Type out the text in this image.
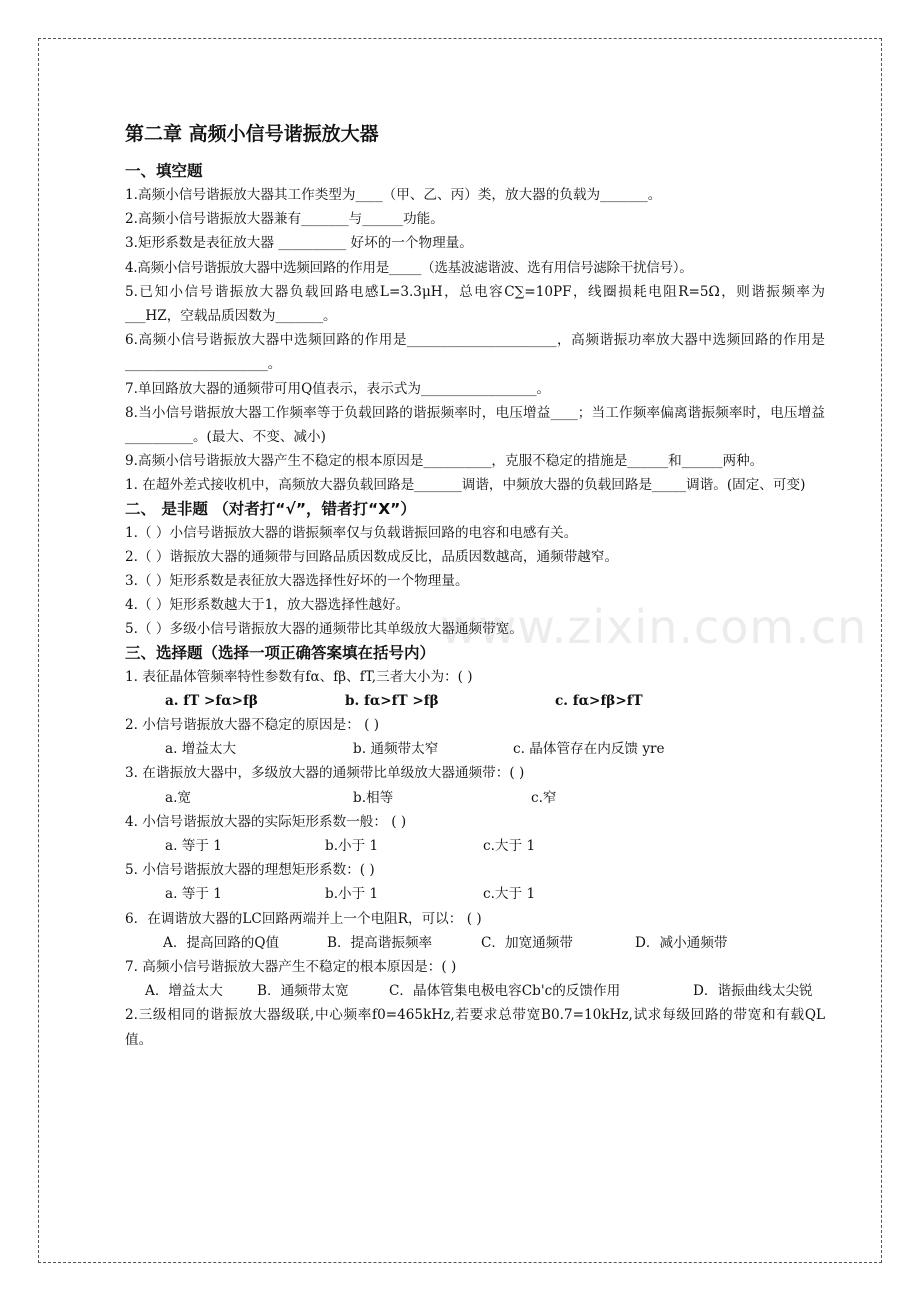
www.zixin.com.cn
第二章 高频小信号谐振放大器

一、填空题

1.高频小信号谐振放大器其工作类型为____（甲、乙、丙）类，放大器的负载为_______。

2.高频小信号谐振放大器兼有_______与______功能。

3.矩形系数是表征放大器 __________ 好坏的一个物理量。

4.高频小信号谐振放大器中选频回路的作用是_____（选基波滤谐波、选有用信号滤除干扰信号）。

5.已知小信号谐振放大器负载回路电感L=3.3μH，总电容C∑=10PF，线圈损耗电阻R=5Ω，则谐振频率为___HZ，空载品质因数为_______。

6.高频小信号谐振放大器中选频回路的作用是______________________，高频谐振功率放大器中选频回路的作用是_____________________。

7.单回路放大器的通频带可用Q值表示，表示式为_________________。

8.当小信号谐振放大器工作频率等于负载回路的谐振频率时，电压增益____；当工作频率偏离谐振频率时，电压增益__________。(最大、不变、减小)

9.高频小信号谐振放大器产生不稳定的根本原因是__________，克服不稳定的措施是______和______两种。

1. 在超外差式接收机中，高频放大器负载回路是_______调谐，中频放大器的负载回路是_____调谐。(固定、可变)

二、 是非题 （对者打“√”，错者打“X”）

1.（ ）小信号谐振放大器的谐振频率仅与负载谐振回路的电容和电感有关。

2.（ ）谐振放大器的通频带与回路品质因数成反比，品质因数越高，通频带越窄。

3.（ ）矩形系数是表征放大器选择性好坏的一个物理量。

4.（ ）矩形系数越大于1，放大器选择性越好。

5.（ ）多级小信号谐振放大器的通频带比其单级放大器通频带宽。

三、选择题（选择一项正确答案填在括号内）

1. 表征晶体管频率特性参数有fα、fβ、fT,三者大小为：( )

a. fT >fα>fβ	b. fα>fT >fβ	c. fα>fβ>fT

2. 小信号谐振放大器不稳定的原因是： ( )

a. 增益太大	b. 通频带太窄	c. 晶体管存在内反馈 yre

3. 在谐振放大器中，多级放大器的通频带比单级放大器通频带：( )

a.宽	b.相等	c.窄

4. 小信号谐振放大器的实际矩形系数一般： ( )

a. 等于 1	b.小于 1	c.大于 1

5. 小信号谐振放大器的理想矩形系数：( )

a. 等于 1	b.小于 1	c.大于 1

6．在调谐放大器的LC回路两端并上一个电阻R，可以： ( )

A．提高回路的Q值	B．提高谐振频率	C．加宽通频带	D．减小通频带

7. 高频小信号谐振放大器产生不稳定的根本原因是：( )

A．增益太大	B．通频带太宽	C．晶体管集电极电容Cb'c的反馈作用	D．谐振曲线太尖锐

2.三级相同的谐振放大器级联,中心频率f0=465kHz,若要求总带宽B0.7=10kHz,试求每级回路的带宽和有载QL值。
